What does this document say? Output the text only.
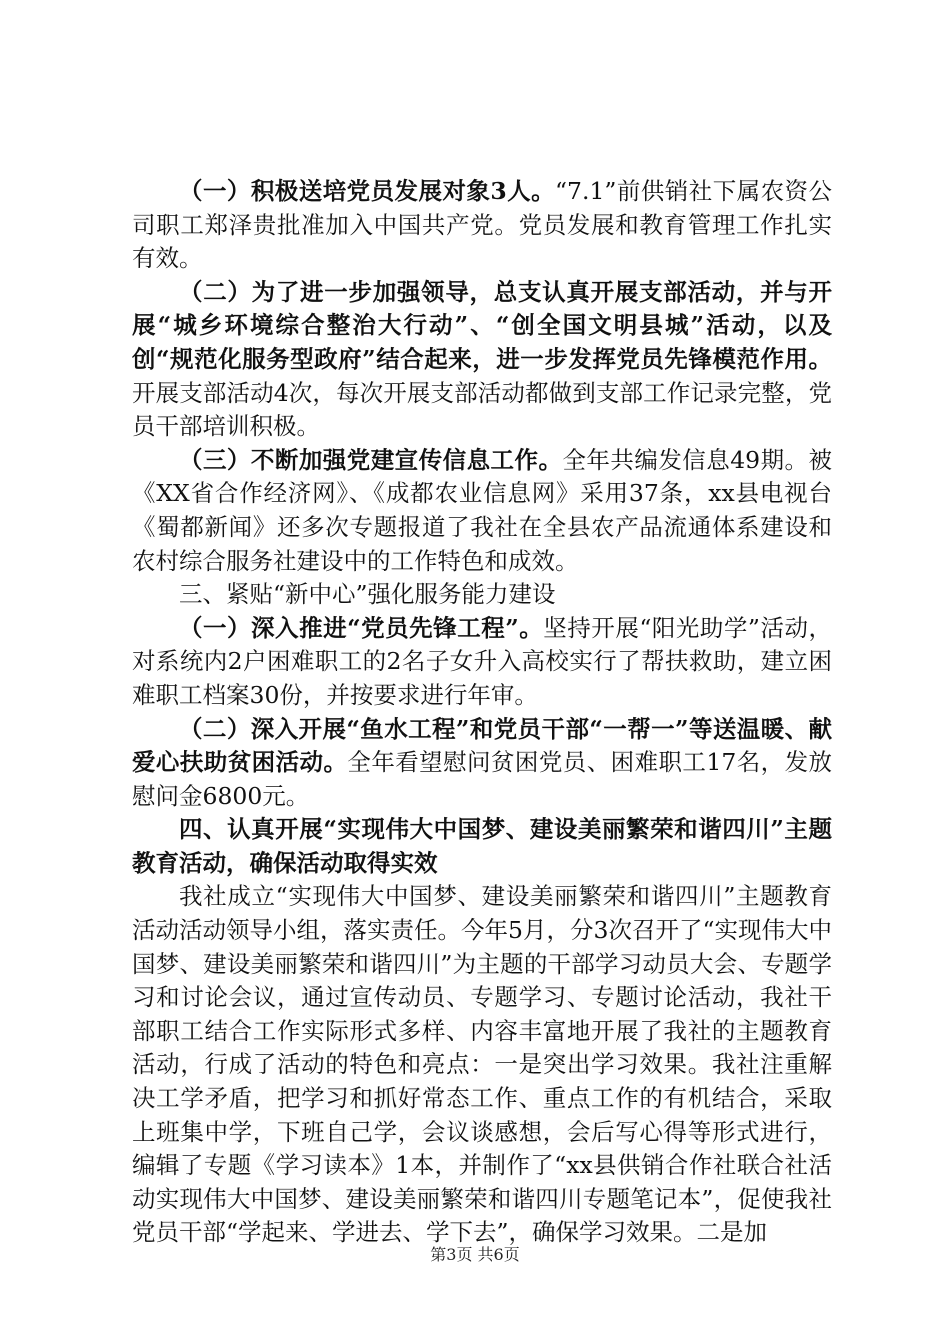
（一）积极送培党员发展对象3人。“7.1”前供销社下属农资公司职工郑泽贵批准加入中国共产党。党员发展和教育管理工作扎实有效。

（二）为了进一步加强领导，总支认真开展支部活动，并与开展“城乡环境综合整治大行动”、“创全国文明县城”活动，以及创“规范化服务型政府”结合起来，进一步发挥党员先锋模范作用。开展支部活动4次，每次开展支部活动都做到支部工作记录完整，党员干部培训积极。

（三）不断加强党建宣传信息工作。全年共编发信息49期。被《XX省合作经济网》、《成都农业信息网》采用37条，xx县电视台《蜀都新闻》还多次专题报道了我社在全县农产品流通体系建设和农村综合服务社建设中的工作特色和成效。

三、紧贴“新中心”强化服务能力建设

（一）深入推进“党员先锋工程”。坚持开展“阳光助学”活动，对系统内2户困难职工的2名子女升入高校实行了帮扶救助，建立困难职工档案30份，并按要求进行年审。

（二）深入开展“鱼水工程”和党员干部“一帮一”等送温暖、献爱心扶助贫困活动。全年看望慰问贫困党员、困难职工17名，发放慰问金6800元。

四、认真开展“实现伟大中国梦、建设美丽繁荣和谐四川”主题教育活动，确保活动取得实效

我社成立“实现伟大中国梦、建设美丽繁荣和谐四川”主题教育活动活动领导小组，落实责任。今年5月，分3次召开了“实现伟大中国梦、建设美丽繁荣和谐四川”为主题的干部学习动员大会、专题学习和讨论会议，通过宣传动员、专题学习、专题讨论活动，我社干部职工结合工作实际形式多样、内容丰富地开展了我社的主题教育活动，行成了活动的特色和亮点：一是突出学习效果。我社注重解决工学矛盾，把学习和抓好常态工作、重点工作的有机结合，采取上班集中学，下班自己学，会议谈感想，会后写心得等形式进行，编辑了专题《学习读本》1本，并制作了“xx县供销合作社联合社活动实现伟大中国梦、建设美丽繁荣和谐四川专题笔记本”，促使我社党员干部“学起来、学进去、学下去”，确保学习效果。二是加

第3页 共6页
